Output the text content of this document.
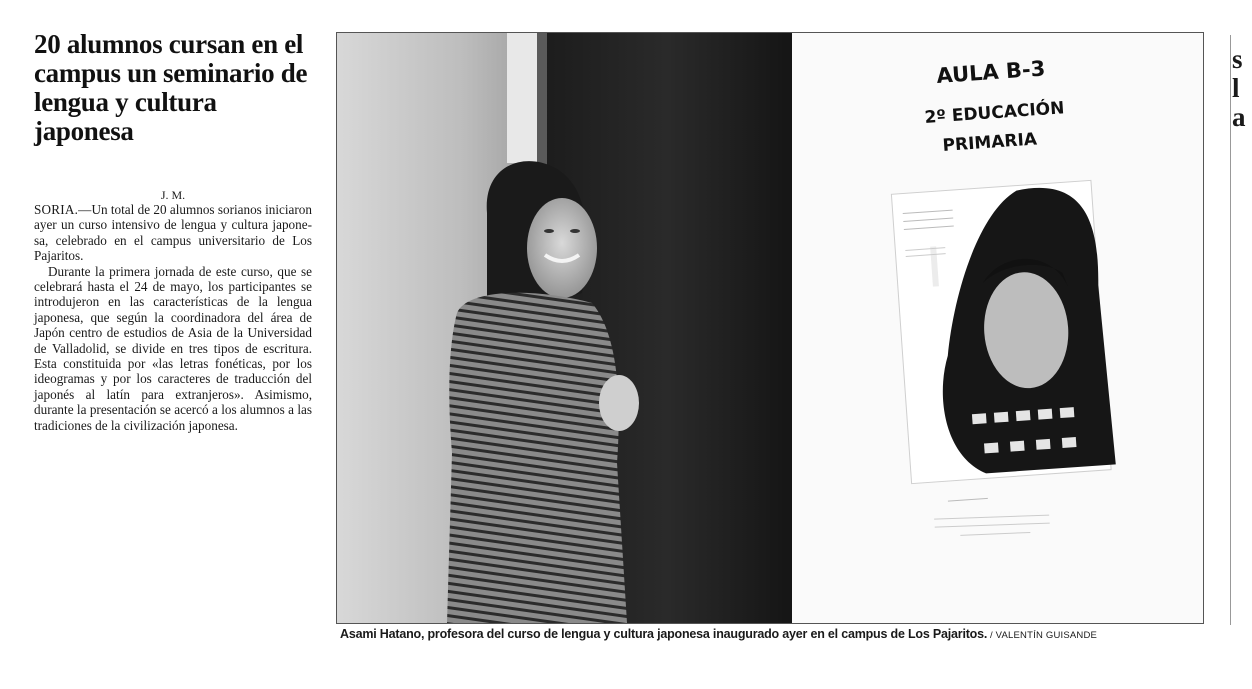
20 alumnos cursan en el campus un seminario de lengua y cultura japonesa
J. M.

SORIA.—Un total de 20 alumnos sorianos iniciaron ayer un curso intensivo de lengua y cultura japonesa, celebrado en el campus universitario de Los Pajaritos.

Durante la primera jornada de este curso, que se celebrará hasta el 24 de mayo, los participantes se introdujeron en las características de la lengua japonesa, que según la coordinadora del área de Japón centro de estudios de Asia de la Universidad de Valladolid, se divide en tres tipos de escritura. Esta constituida por «las letras fonéticas, por los ideogramas y por los caracteres de traducción del japonés al latín para extranjeros». Asimismo, durante la presentación se acercó a los alumnos a las tradiciones de la civilización japonesa.

AULA B-3
2º EDUCACIÓN
PRIMARIA
Asami Hatano, profesora del curso de lengua y cultura japonesa inaugurado ayer en el campus de Los Pajaritos. / VALENTÍN GUISANDE
s
l
a
